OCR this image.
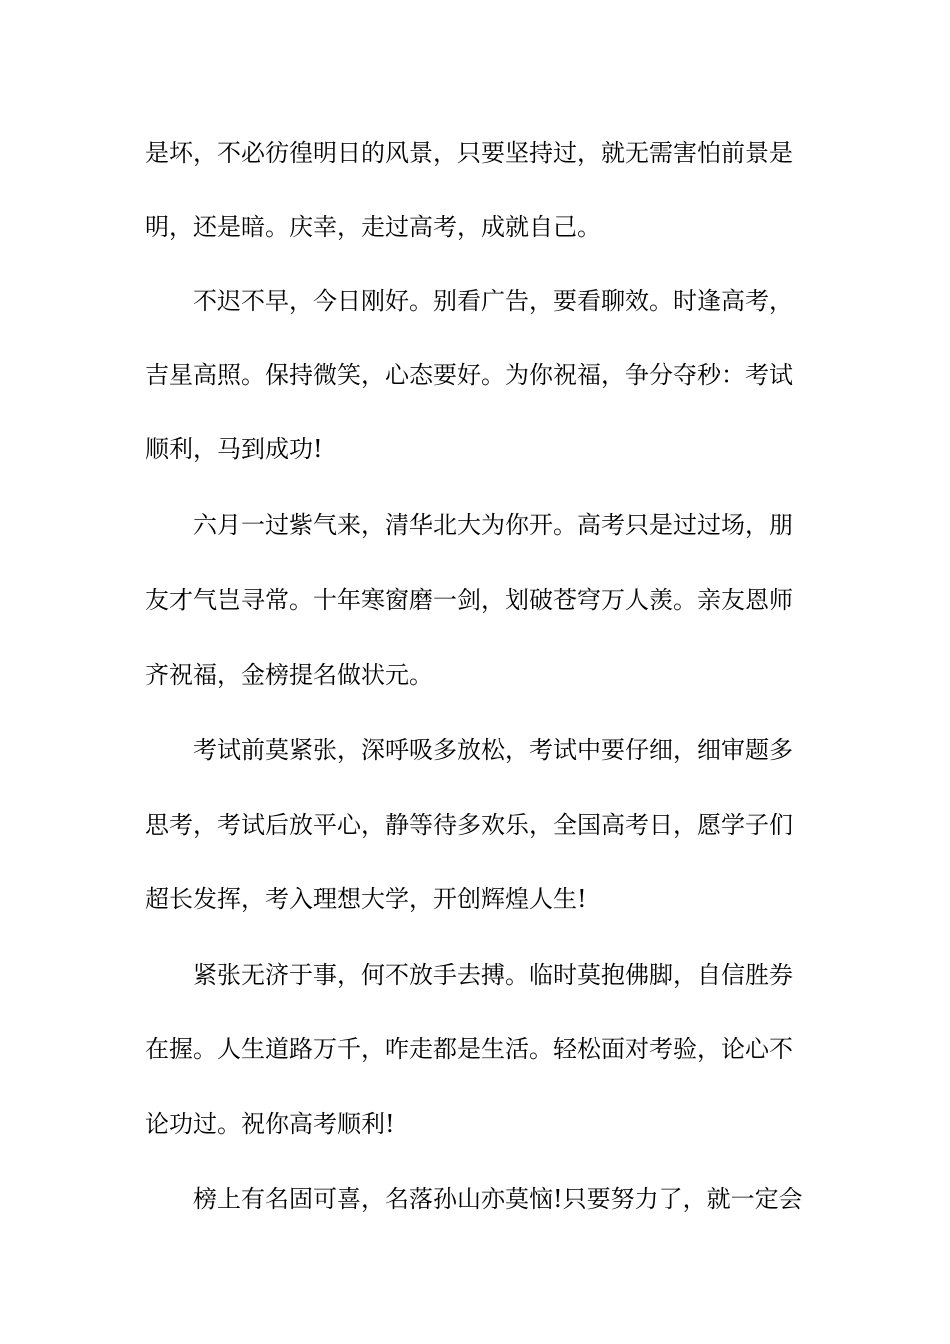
是坏，不必彷徨明日的风景，只要坚持过，就无需害怕前景是
明，还是暗。庆幸，走过高考，成就自己。
不迟不早，今日刚好。别看广告，要看聊效。时逢高考，
吉星高照。保持微笑，心态要好。为你祝福，争分夺秒：考试
顺利，马到成功!
六月一过紫气来，清华北大为你开。高考只是过过场，朋
友才气岂寻常。十年寒窗磨一剑，划破苍穹万人羡。亲友恩师
齐祝福，金榜提名做状元。
考试前莫紧张，深呼吸多放松，考试中要仔细，细审题多
思考，考试后放平心，静等待多欢乐，全国高考日，愿学子们
超长发挥，考入理想大学，开创辉煌人生!
紧张无济于事，何不放手去搏。临时莫抱佛脚，自信胜券
在握。人生道路万千，咋走都是生活。轻松面对考验，论心不
论功过。祝你高考顺利!
榜上有名固可喜，名落孙山亦莫恼!只要努力了，就一定会
